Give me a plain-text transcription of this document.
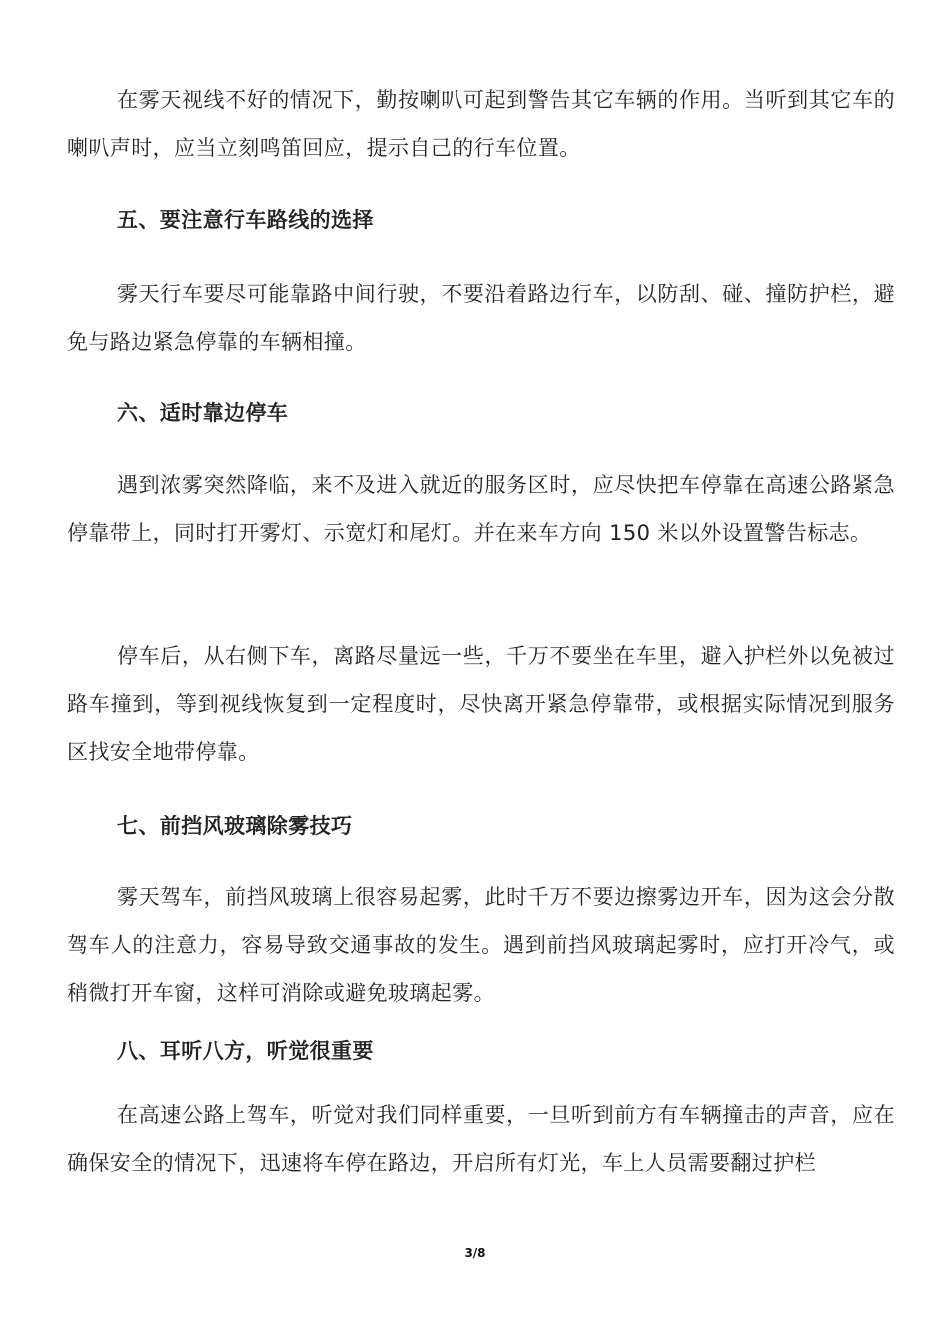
在雾天视线不好的情况下，勤按喇叭可起到警告其它车辆的作用。当听到其它车的喇叭声时，应当立刻鸣笛回应，提示自己的行车位置。

五、要注意行车路线的选择

雾天行车要尽可能靠路中间行驶，不要沿着路边行车，以防刮、碰、撞防护栏，避免与路边紧急停靠的车辆相撞。

六、适时靠边停车

遇到浓雾突然降临，来不及进入就近的服务区时，应尽快把车停靠在高速公路紧急停靠带上，同时打开雾灯、示宽灯和尾灯。并在来车方向 150 米以外设置警告标志。

停车后，从右侧下车，离路尽量远一些，千万不要坐在车里，避入护栏外以免被过路车撞到，等到视线恢复到一定程度时，尽快离开紧急停靠带，或根据实际情况到服务区找安全地带停靠。

七、前挡风玻璃除雾技巧

雾天驾车，前挡风玻璃上很容易起雾，此时千万不要边擦雾边开车，因为这会分散驾车人的注意力，容易导致交通事故的发生。遇到前挡风玻璃起雾时，应打开冷气，或稍微打开车窗，这样可消除或避免玻璃起雾。

八、耳听八方，听觉很重要

在高速公路上驾车，听觉对我们同样重要，一旦听到前方有车辆撞击的声音，应在确保安全的情况下，迅速将车停在路边，开启所有灯光，车上人员需要翻过护栏

3/8
